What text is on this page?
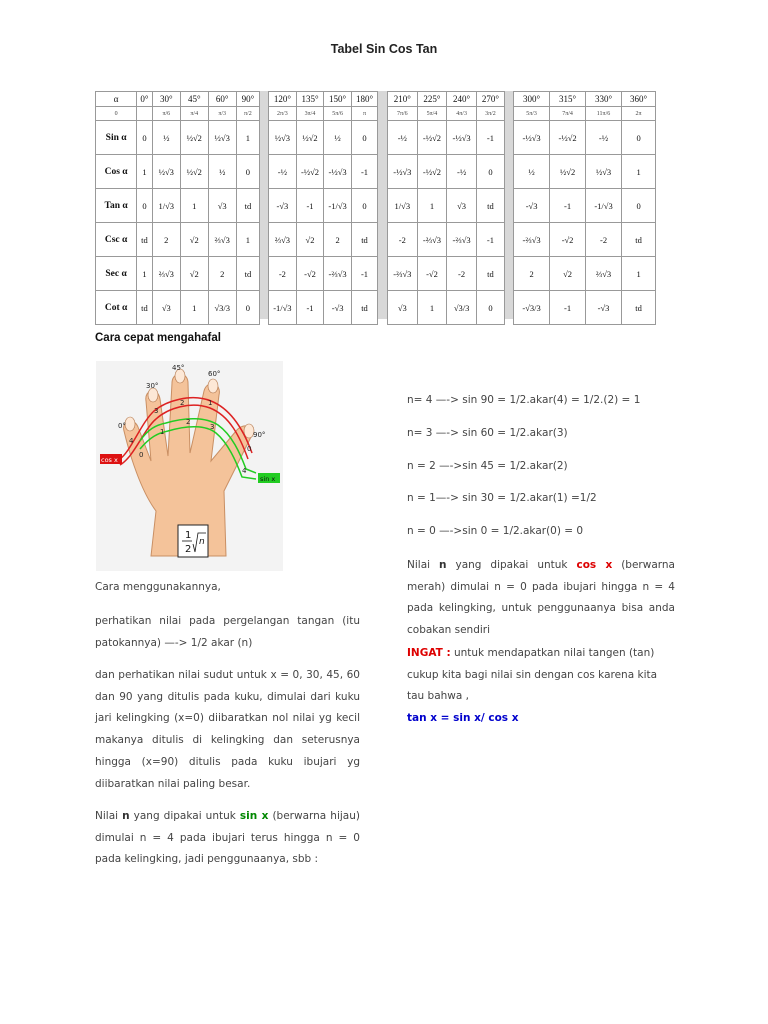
Tabel Sin Cos Tan
α	0°	30°	45°	60°	90°
0		π/6	π/4	π/3	π/2
Sin α	0	½	½√2	½√3	1
Cos α	1	½√3	½√2	½	0
Tan α	0	1/√3	1	√3	td
Csc α	td	2	√2	⅔√3	1
Sec α	1	⅔√3	√2	2	td
Cot α	td	√3	1	√3/3	0
120°	135°	150°	180°
2π/3	3π/4	5π/6	π
½√3	½√2	½	0
-½	-½√2	-½√3	-1
-√3	-1	-1/√3	0
⅔√3	√2	2	td
-2	-√2	-⅔√3	-1
-1/√3	-1	-√3	td
210°	225°	240°	270°
7π/6	5π/4	4π/3	3π/2
-½	-½√2	-½√3	-1
-½√3	-½√2	-½	0
1/√3	1	√3	td
-2	-⅔√3	-⅔√3	-1
-⅔√3	-√2	-2	td
√3	1	√3/3	0
300°	315°	330°	360°
5π/3	7π/4	11π/6	2π
-½√3	-½√2	-½	0
½	½√2	½√3	1
-√3	-1	-1/√3	0
-⅔√3	-√2	-2	td
2	√2	⅔√3	1
-√3/3	-1	-√3	td
Cara cepat mengahafal
0°
30°
45°
60°
90°
cos x
sin x
4
3
2	1
0
0
1
2
3
4
1
2
n

Cara menggunakannya,

perhatikan nilai pada pergelangan tangan (itu patokannya) —-> 1/2 akar (n)

dan perhatikan nilai sudut untuk x = 0, 30, 45, 60 dan 90 yang ditulis pada kuku, dimulai dari kuku jari kelingking (x=0) diibaratkan nol nilai yg kecil makanya ditulis di kelingking dan seterusnya hingga (x=90) ditulis pada kuku ibujari yg diibaratkan nilai paling besar.

Nilai n yang dipakai untuk sin x (berwarna hijau) dimulai n = 4 pada ibujari terus hingga n = 0 pada kelingking, jadi penggunaanya, sbb :

n= 4 —-> sin 90 = 1/2.akar(4) = 1/2.(2) = 1

n= 3 —-> sin 60 = 1/2.akar(3)

n = 2 —->sin 45 = 1/2.akar(2)

n = 1—-> sin 30 = 1/2.akar(1) =1/2

n = 0 —->sin 0 = 1/2.akar(0) = 0

Nilai n yang dipakai untuk cos x (berwarna merah) dimulai n = 0 pada ibujari hingga n = 4 pada kelingking, untuk penggunaanya bisa anda cobakan sendiri

INGAT : untuk mendapatkan nilai tangen (tan) cukup kita bagi nilai sin dengan cos karena kita tau bahwa ,

tan x = sin x/ cos x
